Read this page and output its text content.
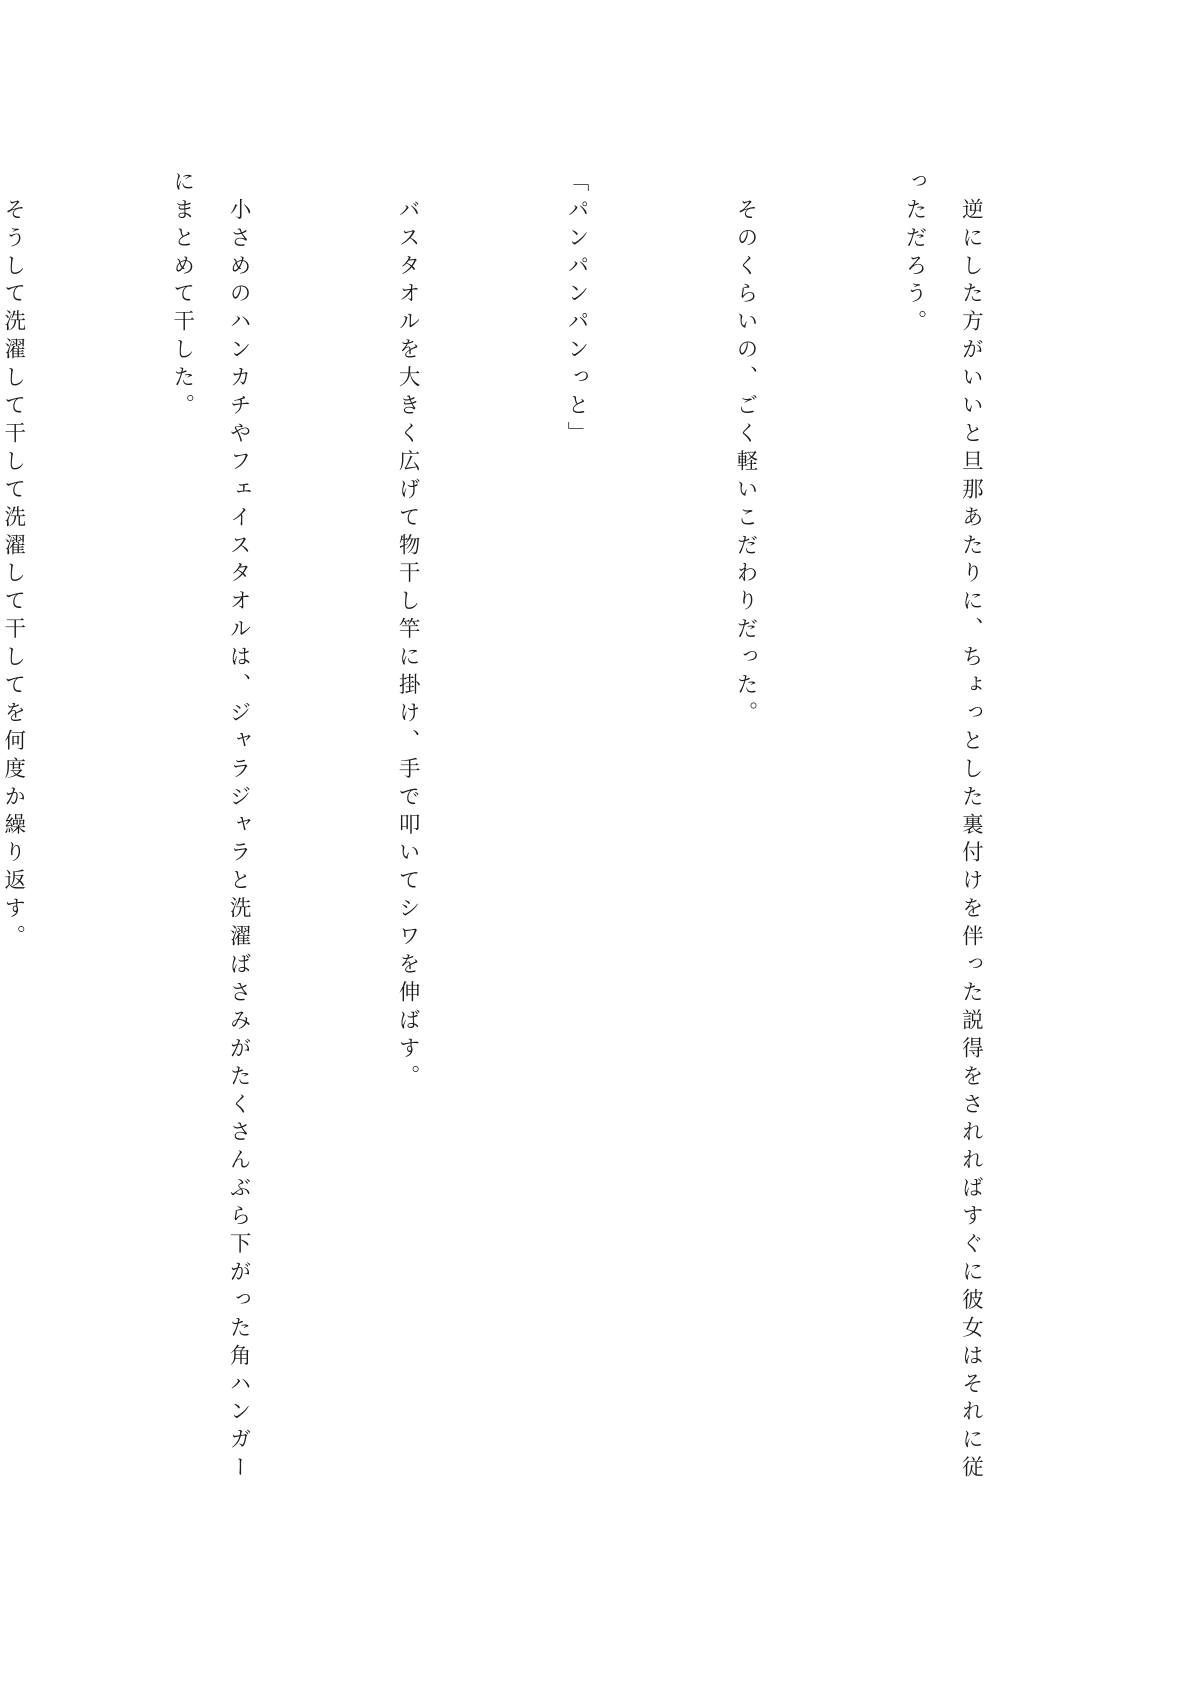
　逆にした方がいいと旦那あたりに、ちょっとした裏付けを伴った説得をされればすぐに彼女はそれに従っただろう。

　そのくらいの、ごく軽いこだわりだった。

「パンパンパンっと」

　バスタオルを大きく広げて物干し竿に掛け、手で叩いてシワを伸ばす。

　小さめのハンカチやフェイスタオルは、ジャラジャラと洗濯ばさみがたくさんぶら下がった角ハンガーにまとめて干した。

　そうして洗濯して干して洗濯して干してを何度か繰り返す。
